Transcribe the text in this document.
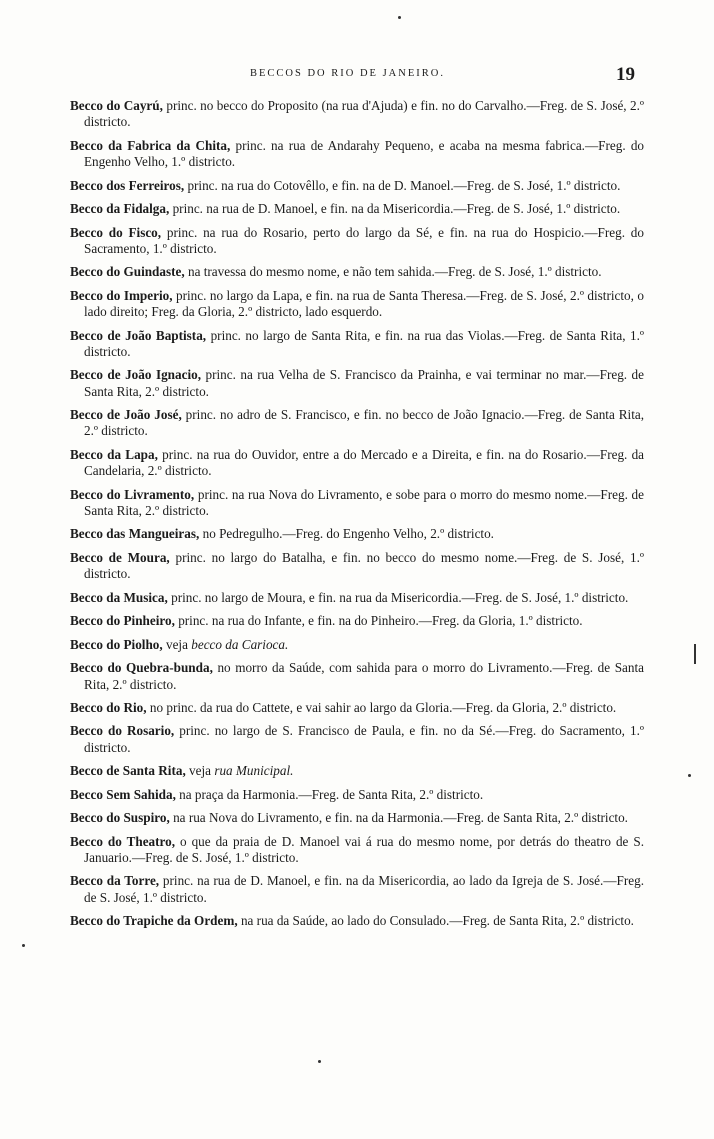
BECCOS DO RIO DE JANEIRO.	19

Becco do Cayrú, princ. no becco do Proposito (na rua d'Ajuda) e fin. no do Carvalho.—Freg. de S. José, 2.º districto.

Becco da Fabrica da Chita, princ. na rua de Andarahy Pequeno, e acaba na mesma fabrica.—Freg. do Engenho Velho, 1.º districto.

Becco dos Ferreiros, princ. na rua do Cotovêllo, e fin. na de D. Manoel.—Freg. de S. José, 1.º districto.

Becco da Fidalga, princ. na rua de D. Manoel, e fin. na da Misericordia.—Freg. de S. José, 1.º districto.

Becco do Fisco, princ. na rua do Rosario, perto do largo da Sé, e fin. na rua do Hospicio.—Freg. do Sacramento, 1.º districto.

Becco do Guindaste, na travessa do mesmo nome, e não tem sahida.—Freg. de S. José, 1.º districto.

Becco do Imperio, princ. no largo da Lapa, e fin. na rua de Santa Theresa.—Freg. de S. José, 2.º districto, o lado direito; Freg. da Gloria, 2.º districto, lado esquerdo.

Becco de João Baptista, princ. no largo de Santa Rita, e fin. na rua das Violas.—Freg. de Santa Rita, 1.º districto.

Becco de João Ignacio, princ. na rua Velha de S. Francisco da Prainha, e vai terminar no mar.—Freg. de Santa Rita, 2.º districto.

Becco de João José, princ. no adro de S. Francisco, e fin. no becco de João Ignacio.—Freg. de Santa Rita, 2.º districto.

Becco da Lapa, princ. na rua do Ouvidor, entre a do Mercado e a Direita, e fin. na do Rosario.—Freg. da Candelaria, 2.º districto.

Becco do Livramento, princ. na rua Nova do Livramento, e sobe para o morro do mesmo nome.—Freg. de Santa Rita, 2.º districto.

Becco das Mangueiras, no Pedregulho.—Freg. do Engenho Velho, 2.º districto.

Becco de Moura, princ. no largo do Batalha, e fin. no becco do mesmo nome.—Freg. de S. José, 1.º districto.

Becco da Musica, princ. no largo de Moura, e fin. na rua da Misericordia.—Freg. de S. José, 1.º districto.

Becco do Pinheiro, princ. na rua do Infante, e fin. na do Pinheiro.—Freg. da Gloria, 1.º districto.

Becco do Piolho, veja becco da Carioca.

Becco do Quebra-bunda, no morro da Saúde, com sahida para o morro do Livramento.—Freg. de Santa Rita, 2.º districto.

Becco do Rio, no princ. da rua do Cattete, e vai sahir ao largo da Gloria.—Freg. da Gloria, 2.º districto.

Becco do Rosario, princ. no largo de S. Francisco de Paula, e fin. no da Sé.—Freg. do Sacramento, 1.º districto.

Becco de Santa Rita, veja rua Municipal.

Becco Sem Sahida, na praça da Harmonia.—Freg. de Santa Rita, 2.º districto.

Becco do Suspiro, na rua Nova do Livramento, e fin. na da Harmonia.—Freg. de Santa Rita, 2.º districto.

Becco do Theatro, o que da praia de D. Manoel vai á rua do mesmo nome, por detrás do theatro de S. Januario.—Freg. de S. José, 1.º districto.

Becco da Torre, princ. na rua de D. Manoel, e fin. na da Misericordia, ao lado da Igreja de S. José.—Freg. de S. José, 1.º districto.

Becco do Trapiche da Ordem, na rua da Saúde, ao lado do Consulado.—Freg. de Santa Rita, 2.º districto.
